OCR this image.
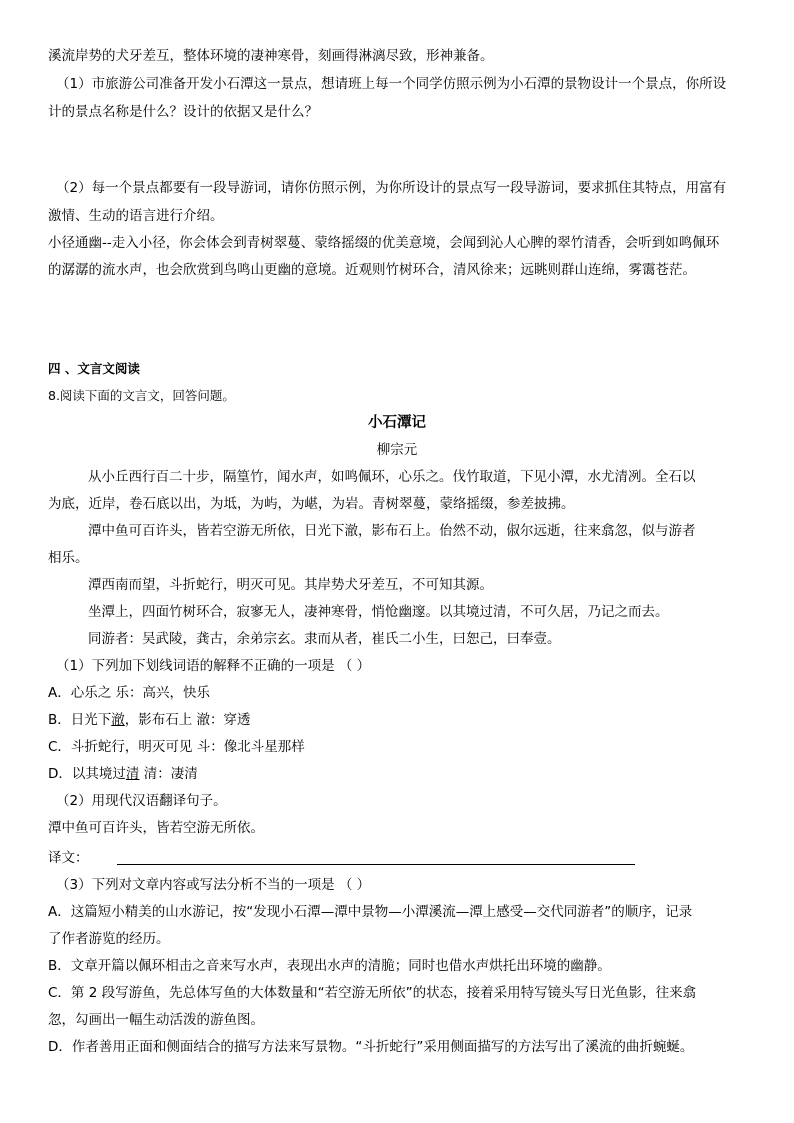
溪流岸势的犬牙差互，整体环境的凄神寒骨，刻画得淋漓尽致，形神兼备。
（1）市旅游公司准备开发小石潭这一景点，想请班上每一个同学仿照示例为小石潭的景物设计一个景点，你所设
计的景点名称是什么？设计的依据又是什么？
（2）每一个景点都要有一段导游词，请你仿照示例，为你所设计的景点写一段导游词，要求抓住其特点，用富有
激情、生动的语言进行介绍。
小径通幽--走入小径，你会体会到青树翠蔓、蒙络摇缀的优美意境，会闻到沁人心脾的翠竹清香，会听到如鸣佩环
的潺潺的流水声，也会欣赏到鸟鸣山更幽的意境。近观则竹树环合，清风徐来；远眺则群山连绵，雾霭苍茫。
四 、文言文阅读
8.阅读下面的文言文，回答问题。
小石潭记
柳宗元
从小丘西行百二十步，隔篁竹，闻水声，如鸣佩环，心乐之。伐竹取道，下见小潭，水尤清冽。全石以
为底，近岸，卷石底以出，为坻，为屿，为嵁，为岩。青树翠蔓，蒙络摇缀，参差披拂。
潭中鱼可百许头，皆若空游无所依，日光下澈，影布石上。佁然不动，俶尔远逝，往来翕忽，似与游者
相乐。
潭西南而望，斗折蛇行，明灭可见。其岸势犬牙差互，不可知其源。
坐潭上，四面竹树环合，寂寥无人，凄神寒骨，悄怆幽邃。以其境过清，不可久居，乃记之而去。
同游者：吴武陵，龚古，余弟宗玄。隶而从者，崔氏二小生，曰恕己，曰奉壹。
（1）下列加下划线词语的解释不正确的一项是 （ ）
A．心乐之 乐：高兴，快乐
B．日光下澈，影布石上 澈：穿透
C．斗折蛇行，明灭可见 斗：像北斗星那样
D．以其境过清 清：凄清
（2）用现代汉语翻译句子。
潭中鱼可百许头，皆若空游无所依。
译文：
（3）下列对文章内容或写法分析不当的一项是 （ ）
A．这篇短小精美的山水游记，按“发现小石潭—潭中景物—小潭溪流—潭上感受—交代同游者”的顺序，记录
了作者游览的经历。
B．文章开篇以佩环相击之音来写水声，表现出水声的清脆；同时也借水声烘托出环境的幽静。
C．第 2 段写游鱼，先总体写鱼的大体数量和“若空游无所依”的状态，接着采用特写镜头写日光鱼影，往来翕
忽，勾画出一幅生动活泼的游鱼图。
D．作者善用正面和侧面结合的描写方法来写景物。“斗折蛇行”采用侧面描写的方法写出了溪流的曲折蜿蜒。
